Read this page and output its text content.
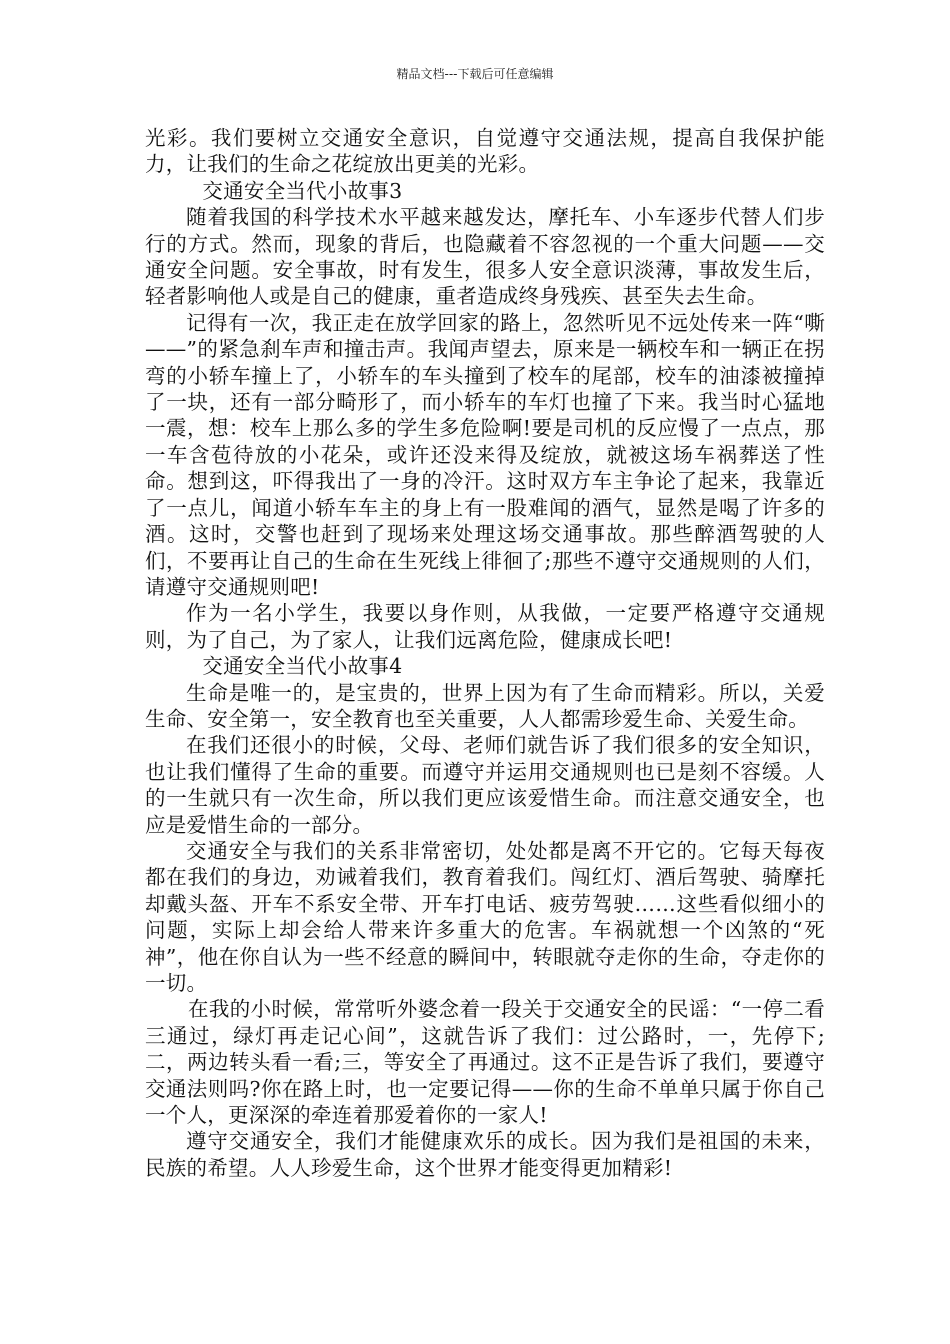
精品文档---下载后可任意编辑

光彩。我们要树立交通安全意识，自觉遵守交通法规，提高自我保护能力，让我们的生命之花绽放出更美的光彩。

交通安全当代小故事3

随着我国的科学技术水平越来越发达，摩托车、小车逐步代替人们步行的方式。然而，现象的背后，也隐藏着不容忽视的一个重大问题——交通安全问题。安全事故，时有发生，很多人安全意识淡薄，事故发生后，轻者影响他人或是自己的健康，重者造成终身残疾、甚至失去生命。

记得有一次，我正走在放学回家的路上，忽然听见不远处传来一阵“嘶——”的紧急刹车声和撞击声。我闻声望去，原来是一辆校车和一辆正在拐弯的小轿车撞上了，小轿车的车头撞到了校车的尾部，校车的油漆被撞掉了一块，还有一部分畸形了，而小轿车的车灯也撞了下来。我当时心猛地一震，想：校车上那么多的学生多危险啊!要是司机的反应慢了一点点，那一车含苞待放的小花朵，或许还没来得及绽放，就被这场车祸葬送了性命。想到这，吓得我出了一身的冷汗。这时双方车主争论了起来，我靠近了一点儿，闻道小轿车车主的身上有一股难闻的酒气，显然是喝了许多的酒。这时，交警也赶到了现场来处理这场交通事故。那些醉酒驾驶的人们，不要再让自己的生命在生死线上徘徊了;那些不遵守交通规则的人们，请遵守交通规则吧!

作为一名小学生，我要以身作则，从我做，一定要严格遵守交通规则，为了自己，为了家人，让我们远离危险，健康成长吧!

交通安全当代小故事4

生命是唯一的，是宝贵的，世界上因为有了生命而精彩。所以，关爱生命、安全第一，安全教育也至关重要，人人都需珍爱生命、关爱生命。

在我们还很小的时候，父母、老师们就告诉了我们很多的安全知识，也让我们懂得了生命的重要。而遵守并运用交通规则也已是刻不容缓。人的一生就只有一次生命，所以我们更应该爱惜生命。而注意交通安全，也应是爱惜生命的一部分。

交通安全与我们的关系非常密切，处处都是离不开它的。它每天每夜都在我们的身边，劝诫着我们，教育着我们。闯红灯、酒后驾驶、骑摩托却戴头盔、开车不系安全带、开车打电话、疲劳驾驶……这些看似细小的问题，实际上却会给人带来许多重大的危害。车祸就想一个凶煞的“死神”，他在你自认为一些不经意的瞬间中，转眼就夺走你的生命，夺走你的一切。

在我的小时候，常常听外婆念着一段关于交通安全的民谣：“一停二看三通过，绿灯再走记心间”，这就告诉了我们：过公路时，一，先停下;二，两边转头看一看;三，等安全了再通过。这不正是告诉了我们，要遵守交通法则吗?你在路上时，也一定要记得——你的生命不单单只属于你自己一个人，更深深的牵连着那爱着你的一家人!

遵守交通安全，我们才能健康欢乐的成长。因为我们是祖国的未来，民族的希望。人人珍爱生命，这个世界才能变得更加精彩!
